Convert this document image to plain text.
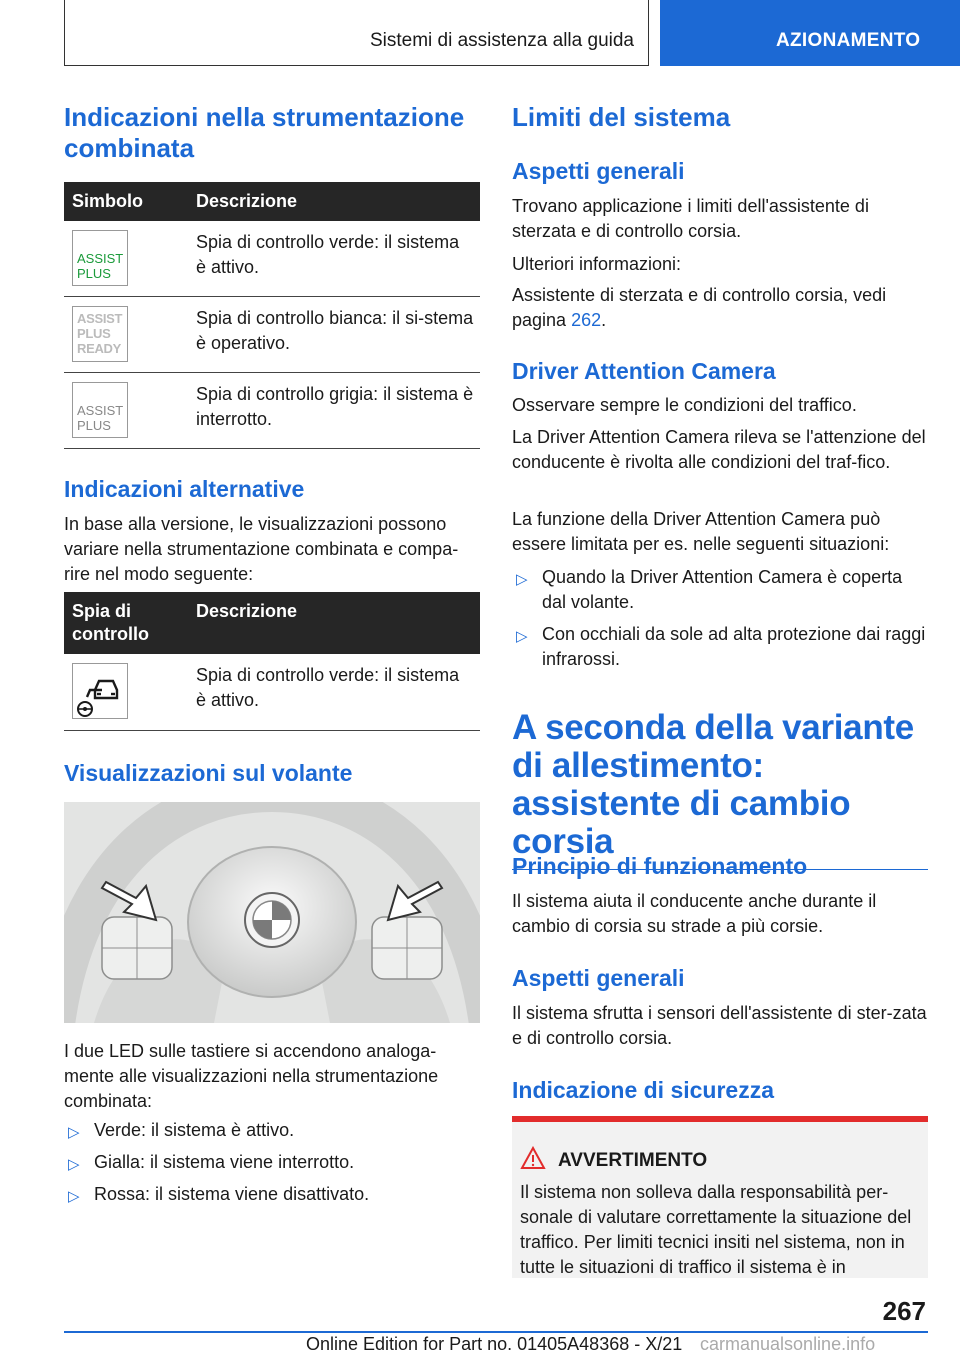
Sistemi di assistenza alla guida	AZIONAMENTO
Indicazioni nella strumentazione combinata
Simbolo	Descrizione

ASSIST
PLUS	Spia di controllo verde: il sistema è attivo.

ASSIST
PLUS
READY	Spia di controllo bianca: il si-stema è operativo.

ASSIST
PLUS	Spia di controllo grigia: il sistema è interrotto.
Indicazioni alternative
In base alla versione, le visualizzazioni possono variare nella strumentazione combinata e compa-rire nel modo seguente:
Spia di controllo	Descrizione

	Spia di controllo verde: il sistema è attivo.
Visualizzazioni sul volante
I due LED sulle tastiere si accendono analoga-mente alle visualizzazioni nella strumentazione combinata:
▷ Verde: il sistema è attivo.
▷ Gialla: il sistema viene interrotto.
▷ Rossa: il sistema viene disattivato.
Limiti del sistema
Aspetti generali
Trovano applicazione i limiti dell'assistente di sterzata e di controllo corsia.
Ulteriori informazioni:
Assistente di sterzata e di controllo corsia, vedi pagina 262.
Driver Attention Camera
Osservare sempre le condizioni del traffico.
La Driver Attention Camera rileva se l'attenzione del conducente è rivolta alle condizioni del traf-fico.
La funzione della Driver Attention Camera può essere limitata per es. nelle seguenti situazioni:
▷ Quando la Driver Attention Camera è coperta dal volante.
▷ Con occhiali da sole ad alta protezione dai raggi infrarossi.
A seconda della variante di allestimento: assistente di cambio corsia
Principio di funzionamento
Il sistema aiuta il conducente anche durante il cambio di corsia su strade a più corsie.
Aspetti generali
Il sistema sfrutta i sensori dell'assistente di ster-zata e di controllo corsia.
Indicazione di sicurezza
AVVERTIMENTO
Il sistema non solleva dalla responsabilità per-sonale di valutare correttamente la situazione del traffico. Per limiti tecnici insiti nel sistema, non in tutte le situazioni di traffico il sistema è in
267
Online Edition for Part no. 01405A48368 - X/21 carmanualsonline.info
